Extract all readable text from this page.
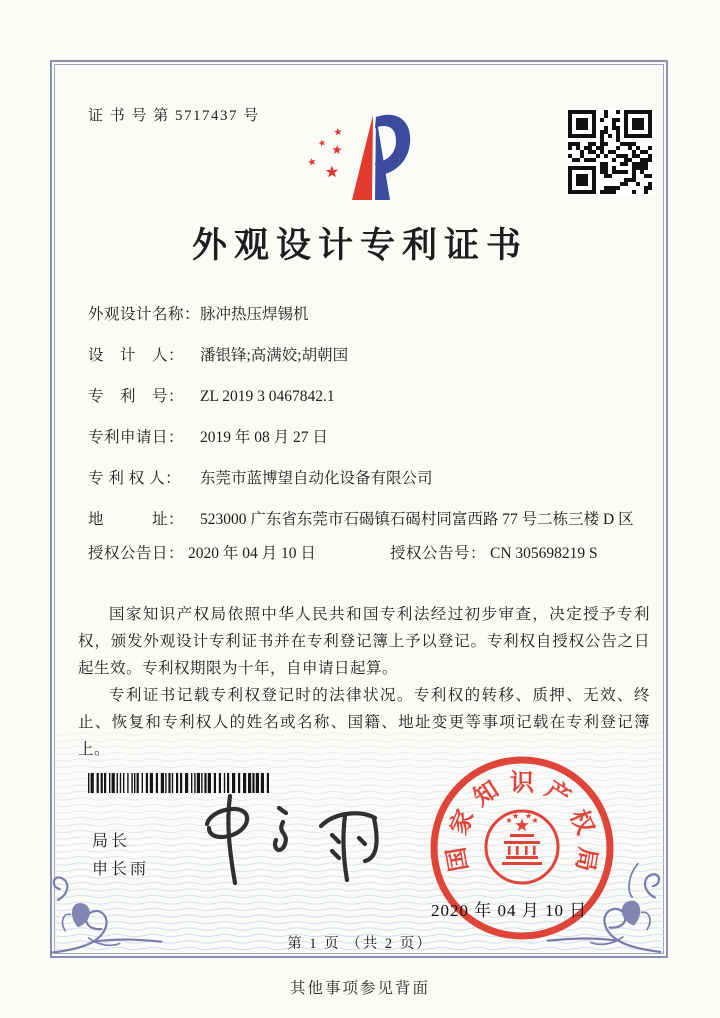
证 书 号 第 5717437 号
外观设计专利证书
外观设计名称： 脉冲热压焊锡机
设　计　人：	潘银锋;高满姣;胡朝国
专　利　号：	ZL 2019 3 0467842.1
专利申请日：	2019 年 08 月 27 日
专 利 权 人：	东莞市蓝博望自动化设备有限公司
地　　　址：	523000 广东省东莞市石碣镇石碣村同富西路 77 号二栋三楼 D 区
授权公告日： 2020 年 04 月 10 日	授权公告号： CN 305698219 S

国家知识产权局依照中华人民共和国专利法经过初步审查，决定授予专利权，颁发外观设计专利证书并在专利登记簿上予以登记。专利权自授权公告之日起生效。专利权期限为十年，自申请日起算。

专利证书记载专利权登记时的法律状况。专利权的转移、质押、无效、终止、恢复和专利权人的姓名或名称、国籍、地址变更等事项记载在专利登记簿上。

局长
申长雨	国
家
知 识 产
权
局
2020 年 04 月 10 日
第 1 页 （共 2 页）
其他事项参见背面
